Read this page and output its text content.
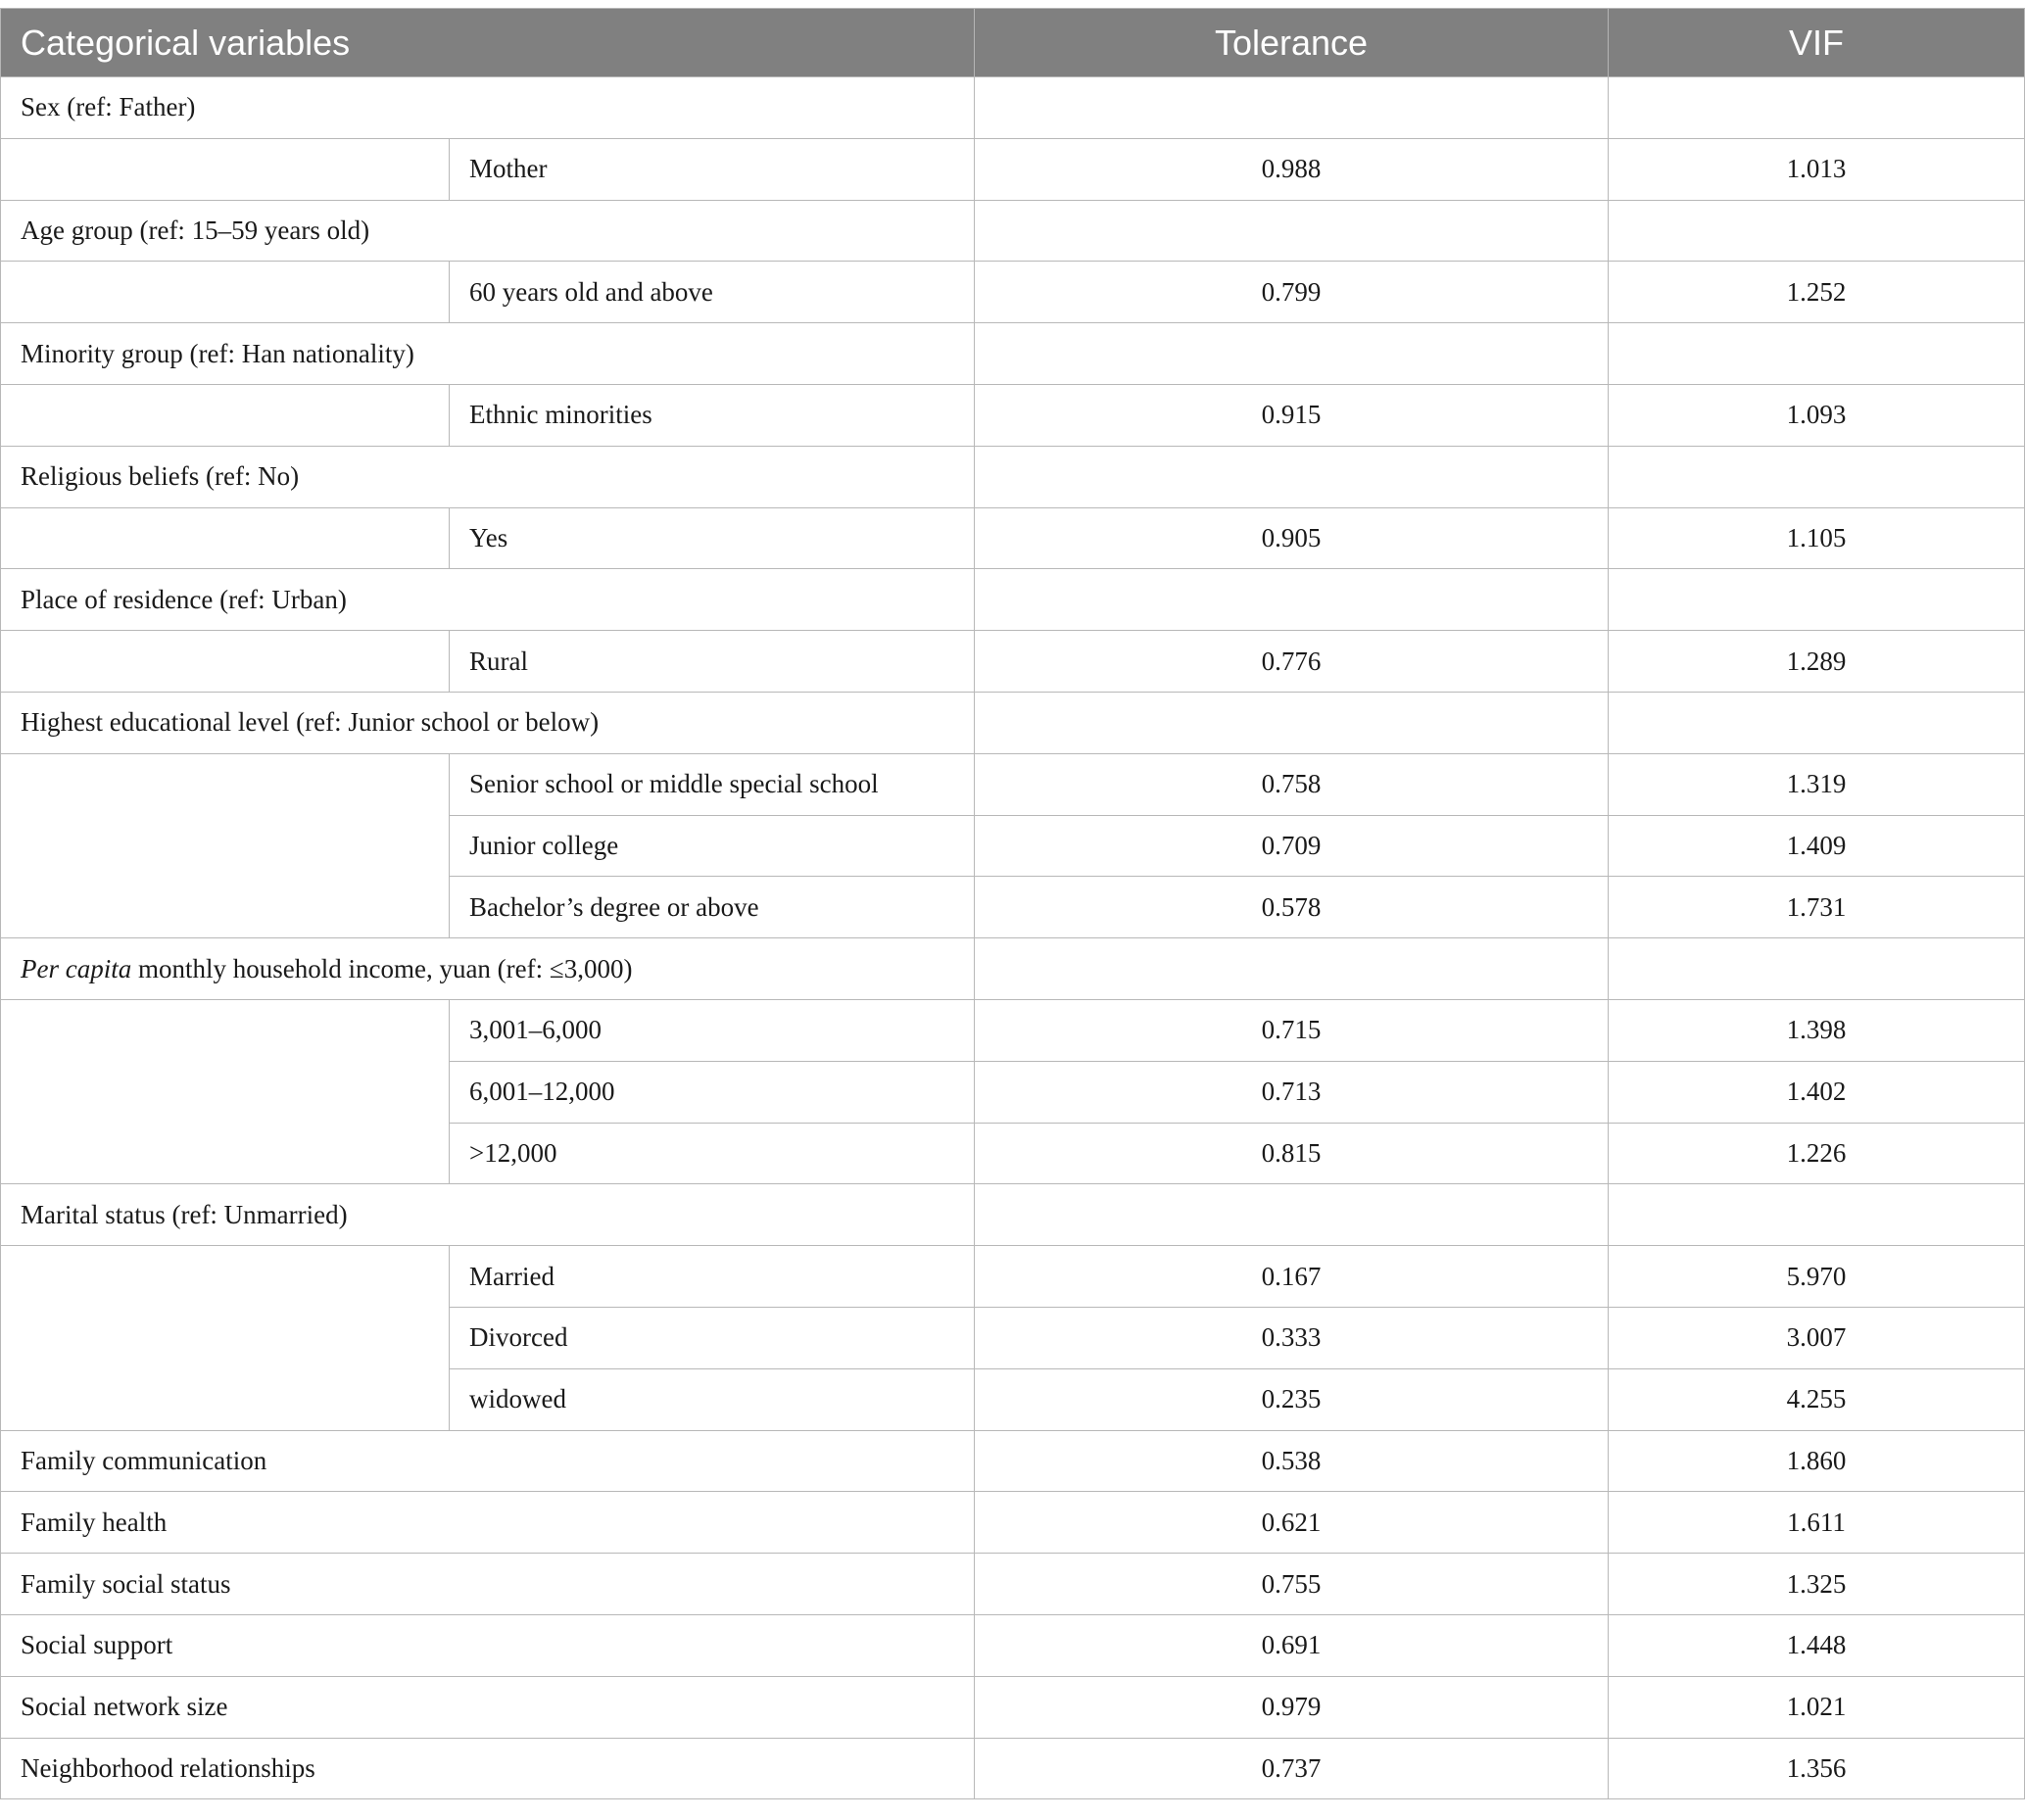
Categorical variables		Tolerance	VIF
Sex (ref: Father)			
	Mother	0.988	1.013
Age group (ref: 15–59 years old)			
	60 years old and above	0.799	1.252
Minority group (ref: Han nationality)			
	Ethnic minorities	0.915	1.093
Religious beliefs (ref: No)			
	Yes	0.905	1.105
Place of residence (ref: Urban)			
	Rural	0.776	1.289
Highest educational level (ref: Junior school or below)			
	Senior school or middle special school	0.758	1.319
	Junior college	0.709	1.409
	Bachelor’s degree or above	0.578	1.731
Per capita monthly household income, yuan (ref: ≤3,000)			
	3,001–6,000	0.715	1.398
	6,001–12,000	0.713	1.402
	>12,000	0.815	1.226
Marital status (ref: Unmarried)			
	Married	0.167	5.970
	Divorced	0.333	3.007
	widowed	0.235	4.255
Family communication		0.538	1.860
Family health		0.621	1.611
Family social status		0.755	1.325
Social support		0.691	1.448
Social network size		0.979	1.021
Neighborhood relationships		0.737	1.356
